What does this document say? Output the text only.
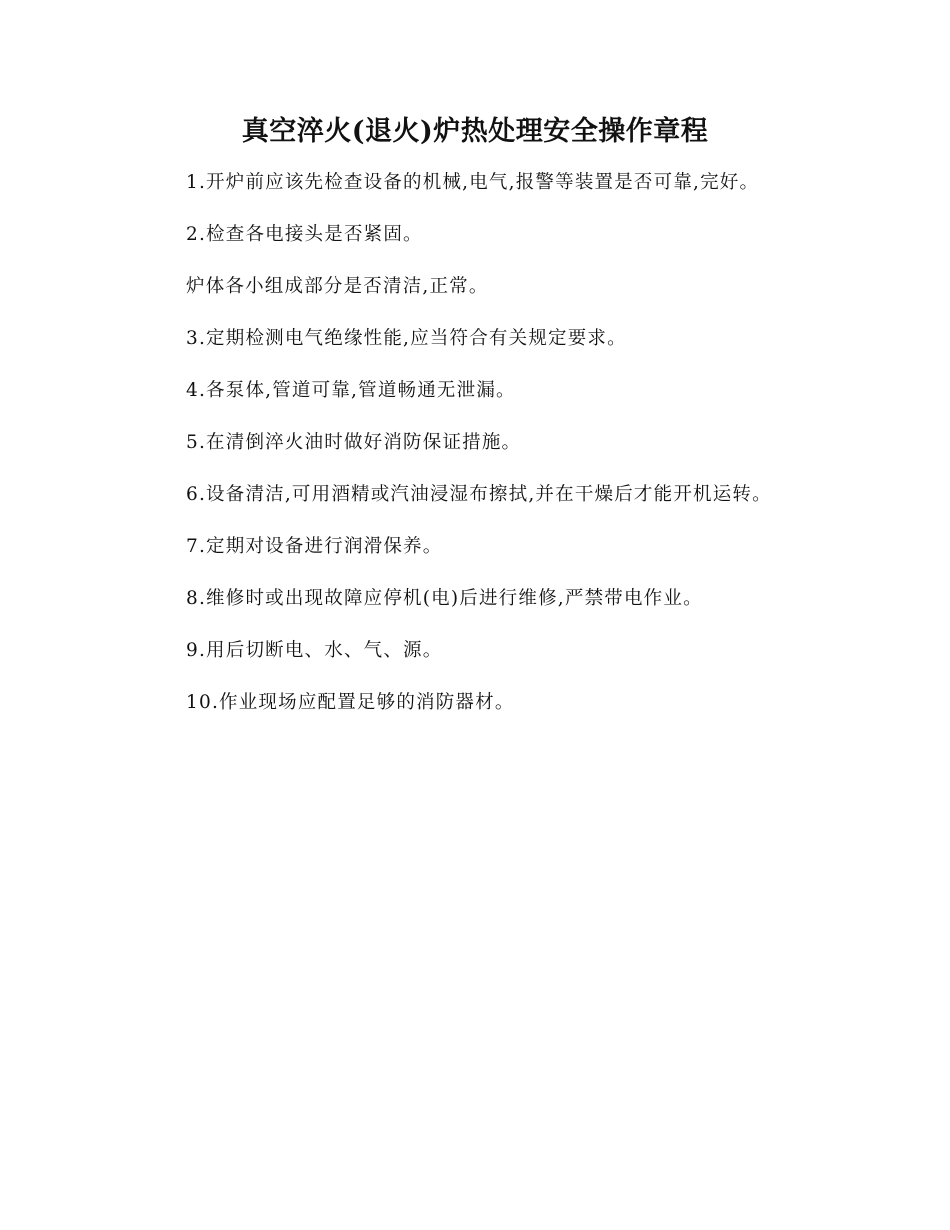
真空淬火(退火)炉热处理安全操作章程

1.开炉前应该先检查设备的机械,电气,报警等装置是否可靠,完好。

2.检查各电接头是否紧固。

炉体各小组成部分是否清洁,正常。

3.定期检测电气绝缘性能,应当符合有关规定要求。

4.各泵体,管道可靠,管道畅通无泄漏。

5.在清倒淬火油时做好消防保证措施。

6.设备清洁,可用酒精或汽油浸湿布擦拭,并在干燥后才能开机运转。

7.定期对设备进行润滑保养。

8.维修时或出现故障应停机(电)后进行维修,严禁带电作业。

9.用后切断电、水、气、源。

10.作业现场应配置足够的消防器材。
